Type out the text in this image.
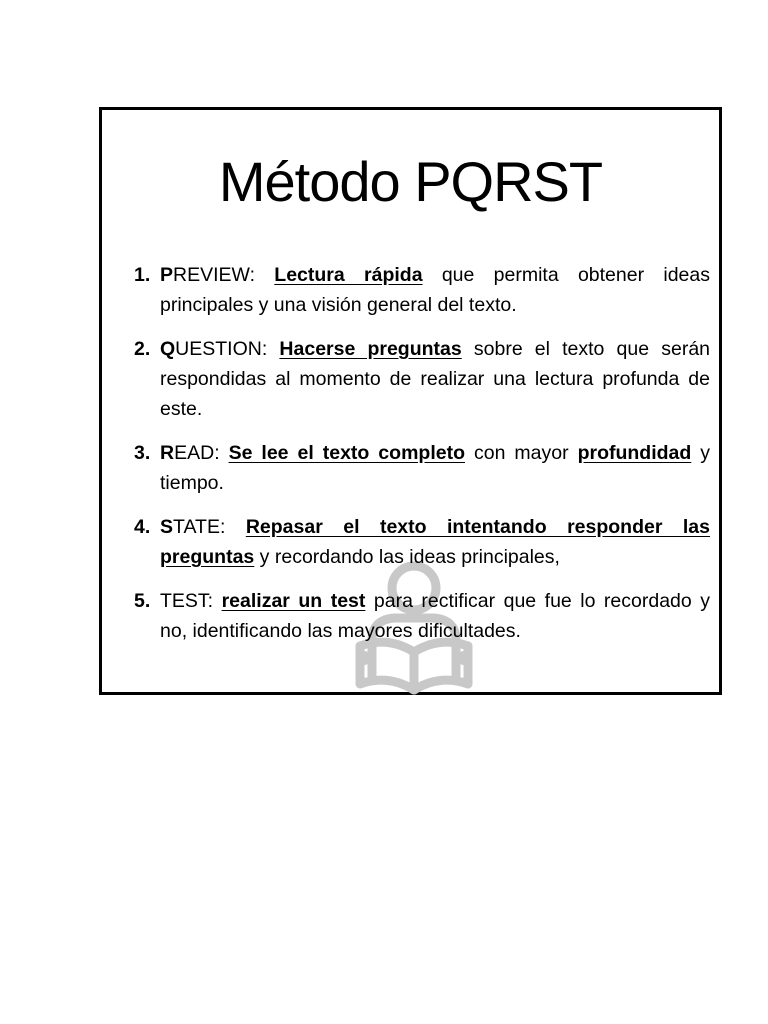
Método PQRST
1. PREVIEW: Lectura rápida que permita obtener ideas principales y una visión general del texto.
2. QUESTION: Hacerse preguntas sobre el texto que serán respondidas al momento de realizar una lectura profunda de este.
3. READ: Se lee el texto completo con mayor profundidad y tiempo.
4. STATE: Repasar el texto intentando responder las preguntas y recordando las ideas principales,
5. TEST: realizar un test para rectificar que fue lo recordado y no, identificando las mayores dificultades.
